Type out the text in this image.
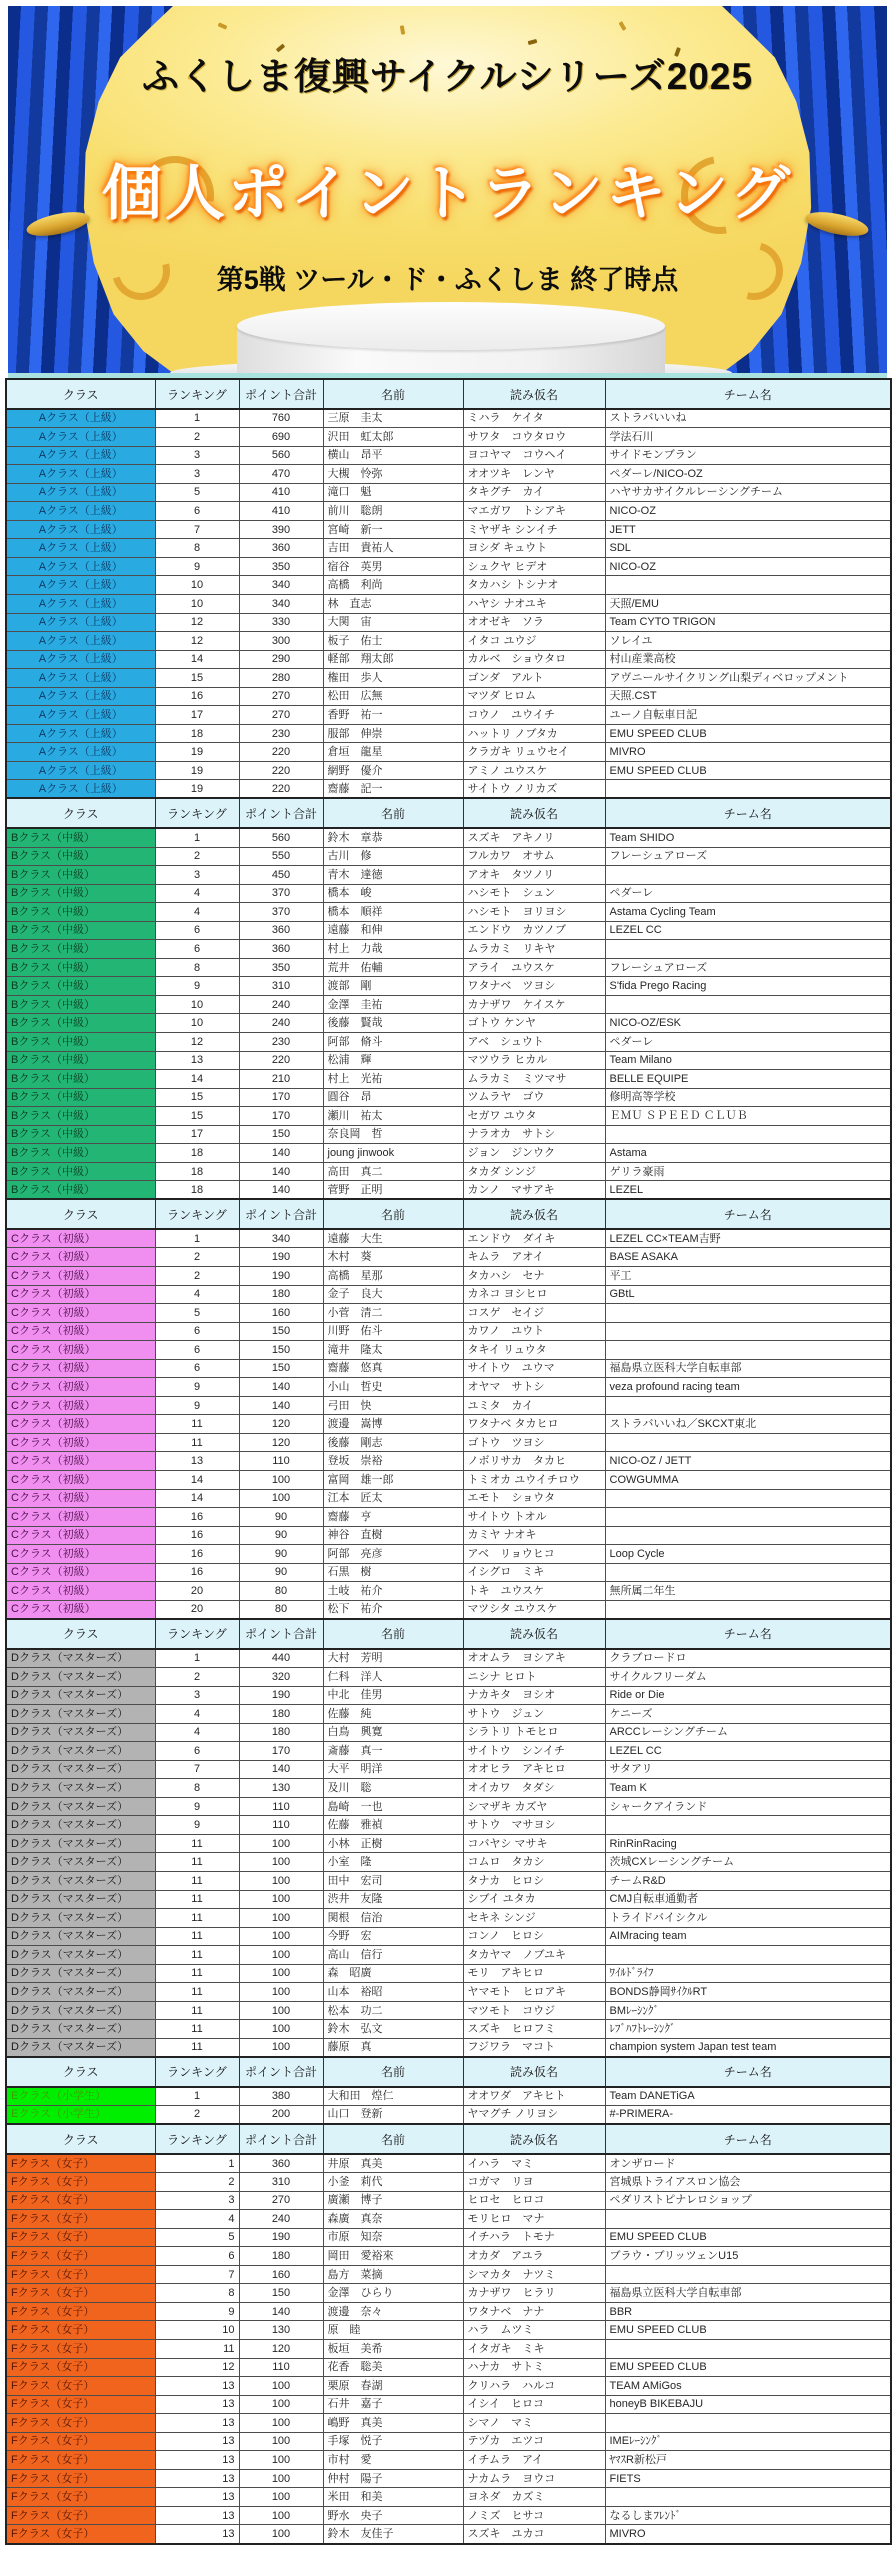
ふくしま復興サイクルシリーズ2025
個人ポイントランキング
第5戦 ツール・ド・ふくしま 終了時点
クラス	ランキング	ポイント合計	名前	読み仮名	チーム名
Aクラス（上級）	1	760	三原　圭太	ミハラ　ケイタ	ストラバいいね
Aクラス（上級）	2	690	沢田　虹太郎	サワタ　コウタロウ	学法石川
Aクラス（上級）	3	560	横山　昂平	ヨコヤマ　コウヘイ	サイドモンブラン
Aクラス（上級）	3	470	大槻　怜弥	オオツキ　レンヤ	ペダーレ/NICO-OZ
Aクラス（上級）	5	410	滝口　魁	タキグチ　カイ	ハヤサカサイクルレーシングチーム
Aクラス（上級）	6	410	前川　聡朗	マエガワ　トシアキ	NICO-OZ
Aクラス（上級）	7	390	宮崎　新一	ミヤザキ シンイチ	JETT
Aクラス（上級）	8	360	吉田　貴祐人	ヨシダ キュウト	SDL
Aクラス（上級）	9	350	宿谷　英男	シュクヤ ヒデオ	NICO-OZ
Aクラス（上級）	10	340	高橋　利尚	タカハシ トシナオ	
Aクラス（上級）	10	340	林　直志	ハヤシ ナオユキ	天照/EMU
Aクラス（上級）	12	330	大関　宙	オオゼキ　ソラ	Team CYTO TRIGON
Aクラス（上級）	12	300	板子　佑士	イタコ ユウジ	ソレイユ
Aクラス（上級）	14	290	軽部　翔太郎	カルベ　ショウタロ	村山産業高校
Aクラス（上級）	15	280	権田　歩人	ゴンダ　アルト	アヴニールサイクリング山梨ディベロップメント
Aクラス（上級）	16	270	松田　広無	マツダ ヒロム	天照.CST
Aクラス（上級）	17	270	香野　祐一	コウノ　ユウイチ	ユーノ自転車日記
Aクラス（上級）	18	230	服部　伸崇	ハットリ ノブタカ	EMU SPEED CLUB
Aクラス（上級）	19	220	倉垣　龍星	クラガキ リュウセイ	MIVRO
Aクラス（上級）	19	220	網野　優介	アミノ ユウスケ	EMU SPEED CLUB
Aクラス（上級）	19	220	齋藤　記一	サイトウ ノリカズ	
クラス	ランキング	ポイント合計	名前	読み仮名	チーム名
Bクラス（中級）	1	560	鈴木　章恭	スズキ　アキノリ	Team SHIDO
Bクラス（中級）	2	550	古川　修	フルカワ　オサム	フレーシュアローズ
Bクラス（中級）	3	450	青木　達徳	アオキ　タツノリ	
Bクラス（中級）	4	370	橋本　峻	ハシモト　シュン	ペダーレ
Bクラス（中級）	4	370	橋本　順祥	ハシモト　ヨリヨシ	Astama Cycling Team
Bクラス（中級）	6	360	遠藤　和伸	エンドウ　カツノブ	LEZEL CC
Bクラス（中級）	6	360	村上　力哉	ムラカミ　リキヤ	
Bクラス（中級）	8	350	荒井　佑輔	アライ　ユウスケ	フレーシュアローズ
Bクラス（中級）	9	310	渡部　剛	ワタナベ　ツヨシ	S'fida Prego Racing
Bクラス（中級）	10	240	金澤　圭祐	カナザワ　ケイスケ	
Bクラス（中級）	10	240	後藤　賢哉	ゴトウ ケンヤ	NICO-OZ/ESK
Bクラス（中級）	12	230	阿部　脩斗	アベ　シュウト	ペダーレ
Bクラス（中級）	13	220	松浦　輝	マツウラ ヒカル	Team Milano
Bクラス（中級）	14	210	村上　光祐	ムラカミ　ミツマサ	BELLE EQUIPE
Bクラス（中級）	15	170	圓谷　昂	ツムラヤ　ゴウ	修明高等学校
Bクラス（中級）	15	170	瀬川　祐太	セガワ ユウタ	ＥＭＵ ＳＰＥＥＤ ＣＬＵＢ
Bクラス（中級）	17	150	奈良岡　哲	ナラオカ　サトシ	
Bクラス（中級）	18	140	joung jinwook	ジョン　ジンウク	Astama
Bクラス（中級）	18	140	高田　真二	タカダ シンジ	ゲリラ豪雨
Bクラス（中級）	18	140	菅野　正明	カンノ　マサアキ	LEZEL
クラス	ランキング	ポイント合計	名前	読み仮名	チーム名
Cクラス（初級）	1	340	遠藤　大生	エンドウ　ダイキ	LEZEL CC×TEAM吉野
Cクラス（初級）	2	190	木村　葵	キムラ　アオイ	BASE ASAKA
Cクラス（初級）	2	190	高橋　星那	タカハシ　セナ	平工
Cクラス（初級）	4	180	金子　良大	カネコ ヨシヒロ	GBtL
Cクラス（初級）	5	160	小菅　清二	コスゲ　セイジ	
Cクラス（初級）	6	150	川野　佑斗	カワノ　ユウト	
Cクラス（初級）	6	150	滝井　隆太	タキイ リュウタ	
Cクラス（初級）	6	150	齋藤　悠真	サイトウ　ユウマ	福島県立医科大学自転車部
Cクラス（初級）	9	140	小山　哲史	オヤマ　サトシ	veza profound racing team
Cクラス（初級）	9	140	弓田　快	ユミタ　カイ	
Cクラス（初級）	11	120	渡邊　嵩博	ワタナベ タカヒロ	ストラバいいね／SKCXT東北
Cクラス（初級）	11	120	後藤　剛志	ゴトウ　ツヨシ	
Cクラス（初級）	13	110	登坂　崇裕	ノボリサカ　タカヒ	NICO-OZ / JETT
Cクラス（初級）	14	100	富岡　雄一郎	トミオカ ユウイチロウ	COWGUMMA
Cクラス（初級）	14	100	江本　匠太	エモト　ショウタ	
Cクラス（初級）	16	90	齋藤　亨	サイトウ トオル	
Cクラス（初級）	16	90	神谷　直樹	カミヤ ナオキ	
Cクラス（初級）	16	90	阿部　亮彦	アベ　リョウヒコ	Loop Cycle
Cクラス（初級）	16	90	石黒　樹	イシグロ　ミキ	
Cクラス（初級）	20	80	土岐　祐介	トキ　ユウスケ	無所属二年生
Cクラス（初級）	20	80	松下　祐介	マツシタ ユウスケ	
クラス	ランキング	ポイント合計	名前	読み仮名	チーム名
Dクラス（マスターズ）	1	440	大村　芳明	オオムラ　ヨシアキ	クラブロードロ
Dクラス（マスターズ）	2	320	仁科　洋人	ニシナ ヒロト	サイクルフリーダム
Dクラス（マスターズ）	3	190	中北　佳男	ナカキタ　ヨシオ	Ride or Die
Dクラス（マスターズ）	4	180	佐藤　純	サトウ　ジュン	ケニーズ
Dクラス（マスターズ）	4	180	白鳥　興寛	シラトリ トモヒロ	ARCCレーシングチーム
Dクラス（マスターズ）	6	170	斎藤　真一	サイトウ　シンイチ	LEZEL CC
Dクラス（マスターズ）	7	140	大平　明洋	オオヒラ　アキヒロ	サタアリ
Dクラス（マスターズ）	8	130	及川　聡	オイカワ　タダシ	Team K
Dクラス（マスターズ）	9	110	島崎　一也	シマザキ カズヤ	シャークアイランド
Dクラス（マスターズ）	9	110	佐藤　雅禎	サトウ　マサヨシ	
Dクラス（マスターズ）	11	100	小林　正樹	コバヤシ マサキ	RinRinRacing
Dクラス（マスターズ）	11	100	小室　隆	コムロ　タカシ	茨城CXレーシングチーム
Dクラス（マスターズ）	11	100	田中　宏司	タナカ　ヒロシ	チームR&D
Dクラス（マスターズ）	11	100	渋井　友隆	シブイ ユタカ	CMJ自転車通勤者
Dクラス（マスターズ）	11	100	関根　信治	セキネ シンジ	トライドバイシクル
Dクラス（マスターズ）	11	100	今野　宏	コンノ　ヒロシ	AIMracing team
Dクラス（マスターズ）	11	100	高山　信行	タカヤマ　ノブユキ	
Dクラス（マスターズ）	11	100	森　昭廣	モリ　アキヒロ	ﾜｲﾙﾄﾞﾗｲﾌ
Dクラス（マスターズ）	11	100	山本　裕昭	ヤマモト　ヒロアキ	BONDS静岡ｻｲｸﾙRT
Dクラス（マスターズ）	11	100	松本　功二	マツモト　コウジ	BMﾚｰｼﾝｸﾞ
Dクラス（マスターズ）	11	100	鈴木　弘文	スズキ　ヒロフミ	ﾚﾌﾞﾊﾌﾄﾚｰｼﾝｸﾞ
Dクラス（マスターズ）	11	100	藤原　真	フジワラ　マコト	champion system Japan test team
クラス	ランキング	ポイント合計	名前	読み仮名	チーム名
Eクラス（小学生）	1	380	大和田　煌仁	オオワダ　アキヒト	Team DANETiGA
Eクラス（小学生）	2	200	山口　登新	ヤマグチ ノリヨシ	#-PRIMERA-
クラス	ランキング	ポイント合計	名前	読み仮名	チーム名
Fクラス（女子）	1	360	井原　真美	イハラ　マミ	オンザロード
Fクラス（女子）	2	310	小釜　莉代	コガマ　リヨ	宮城県トライアスロン協会
Fクラス（女子）	3	270	廣瀬　博子	ヒロセ　ヒロコ	ペダリストピナレロショップ
Fクラス（女子）	4	240	森廣　真奈	モリヒロ　マナ	
Fクラス（女子）	5	190	市原　知奈	イチハラ　トモナ	EMU SPEED CLUB
Fクラス（女子）	6	180	岡田　愛裕來	オカダ　アユラ	ブラウ・ブリッツェンU15
Fクラス（女子）	7	160	島方　菜摘	シマカタ　ナツミ	
Fクラス（女子）	8	150	金澤　ひらり	カナザワ　ヒラリ	福島県立医科大学自転車部
Fクラス（女子）	9	140	渡邊　奈々	ワタナベ　ナナ	BBR
Fクラス（女子）	10	130	原　睦	ハラ　ムツミ	EMU SPEED CLUB
Fクラス（女子）	11	120	板垣　美希	イタガキ　ミキ	
Fクラス（女子）	12	110	花香　聡美	ハナカ　サトミ	EMU SPEED CLUB
Fクラス（女子）	13	100	栗原　春湖	クリハラ　ハルコ	TEAM AMiGos
Fクラス（女子）	13	100	石井　嘉子	イシイ　ヒロコ	honeyB BIKEBAJU
Fクラス（女子）	13	100	嶋野　真美	シマノ　マミ	
Fクラス（女子）	13	100	手塚　悦子	テヅカ　エツコ	IMEﾚｰｼﾝｸﾞ
Fクラス（女子）	13	100	市村　愛	イチムラ　アイ	ﾔﾏｽR新松戸
Fクラス（女子）	13	100	仲村　陽子	ナカムラ　ヨウコ	FIETS
Fクラス（女子）	13	100	米田　和美	ヨネダ　カズミ	
Fクラス（女子）	13	100	野水　央子	ノミズ　ヒサコ	なるしまﾌﾚﾝﾄﾞ
Fクラス（女子）	13	100	鈴木　友佳子	スズキ　ユカコ	MIVRO
